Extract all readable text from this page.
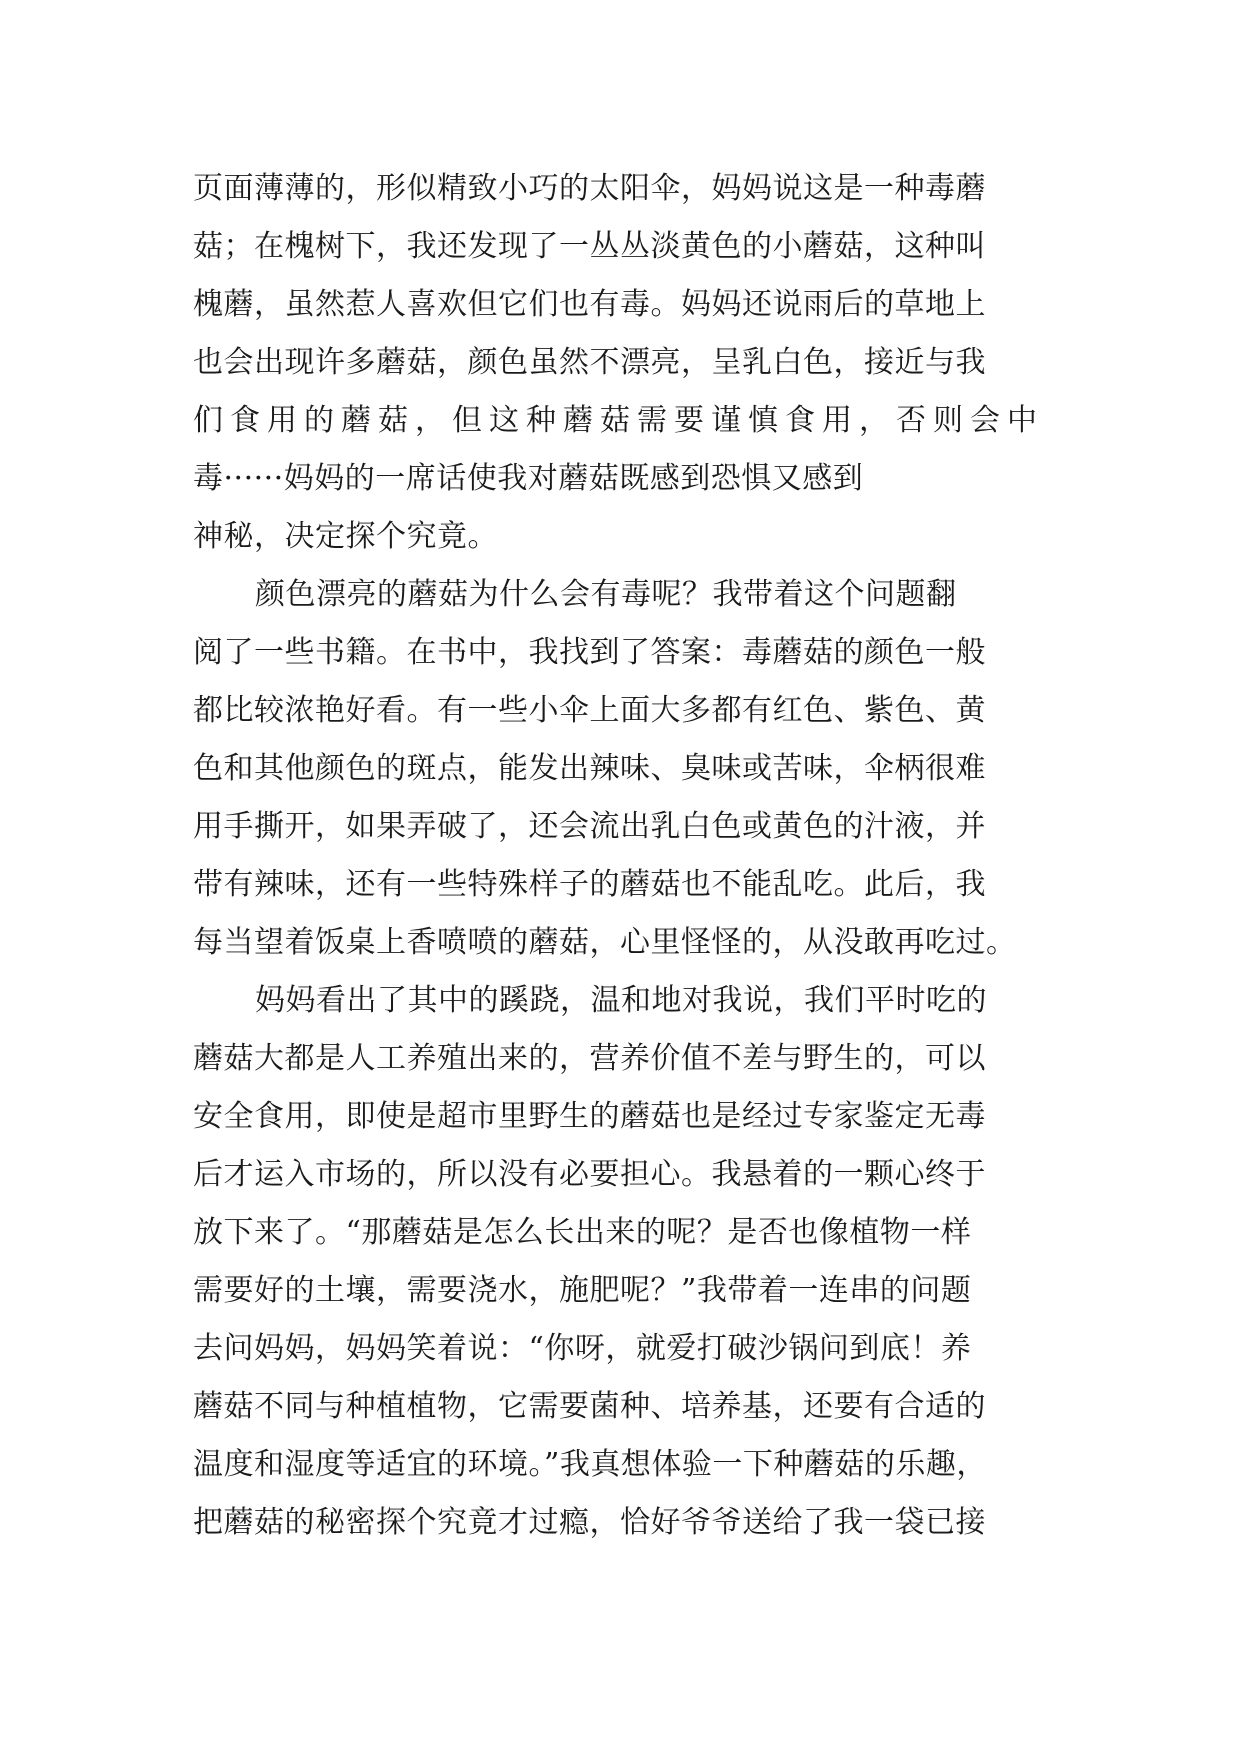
页面薄薄的，形似精致小巧的太阳伞，妈妈说这是一种毒蘑
菇；在槐树下，我还发现了一丛丛淡黄色的小蘑菇，这种叫
槐蘑，虽然惹人喜欢但它们也有毒。妈妈还说雨后的草地上
也会出现许多蘑菇，颜色虽然不漂亮，呈乳白色，接近与我
们食用的蘑菇，但这种蘑菇需要谨慎食用，否则会中
毒······妈妈的一席话使我对蘑菇既感到恐惧又感到
神秘，决定探个究竟。
颜色漂亮的蘑菇为什么会有毒呢？我带着这个问题翻
阅了一些书籍。在书中，我找到了答案：毒蘑菇的颜色一般
都比较浓艳好看。有一些小伞上面大多都有红色、紫色、黄
色和其他颜色的斑点，能发出辣味、臭味或苦味，伞柄很难
用手撕开，如果弄破了，还会流出乳白色或黄色的汁液，并
带有辣味，还有一些特殊样子的蘑菇也不能乱吃。此后，我
每当望着饭桌上香喷喷的蘑菇，心里怪怪的，从没敢再吃过。
妈妈看出了其中的蹊跷，温和地对我说，我们平时吃的
蘑菇大都是人工养殖出来的，营养价值不差与野生的，可以
安全食用，即使是超市里野生的蘑菇也是经过专家鉴定无毒
后才运入市场的，所以没有必要担心。我悬着的一颗心终于
放下来了。“那蘑菇是怎么长出来的呢？是否也像植物一样
需要好的土壤，需要浇水，施肥呢？”我带着一连串的问题
去问妈妈，妈妈笑着说：“你呀，就爱打破沙锅问到底！养
蘑菇不同与种植植物，它需要菌种、培养基，还要有合适的
温度和湿度等适宜的环境。”我真想体验一下种蘑菇的乐趣，
把蘑菇的秘密探个究竟才过瘾，恰好爷爷送给了我一袋已接
